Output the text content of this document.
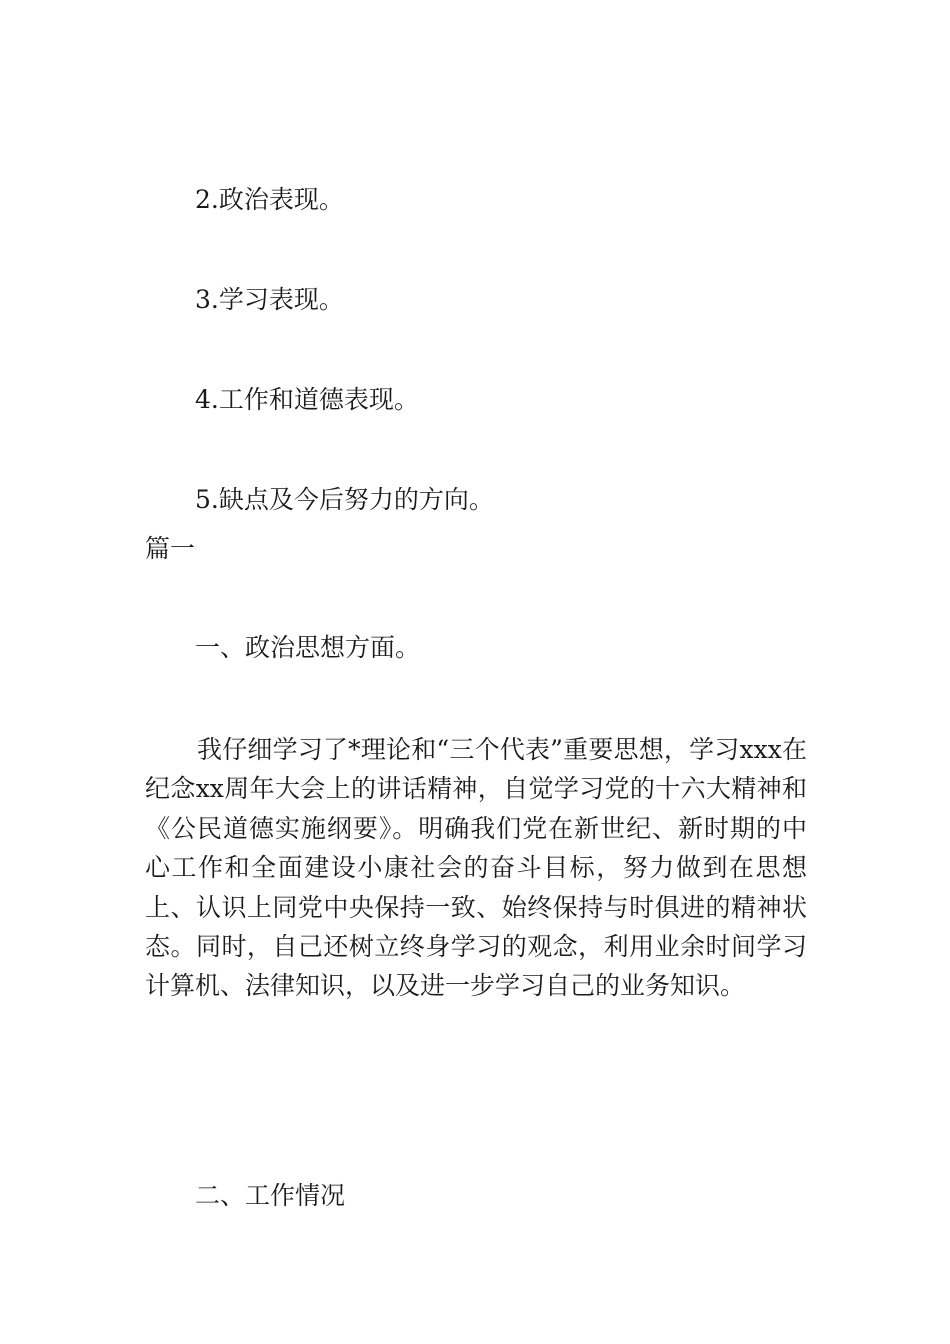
2.政治表现。

3.学习表现。

4.工作和道德表现。

5.缺点及今后努力的方向。

篇一

一、政治思想方面。

我仔细学习了*理论和“三个代表”重要思想，学习xxx在纪念xx周年大会上的讲话精神，自觉学习党的十六大精神和《公民道德实施纲要》。明确我们党在新世纪、新时期的中心工作和全面建设小康社会的奋斗目标，努力做到在思想上、认识上同党中央保持一致、始终保持与时俱进的精神状态。同时，自己还树立终身学习的观念，利用业余时间学习计算机、法律知识，以及进一步学习自己的业务知识。

二、工作情况
